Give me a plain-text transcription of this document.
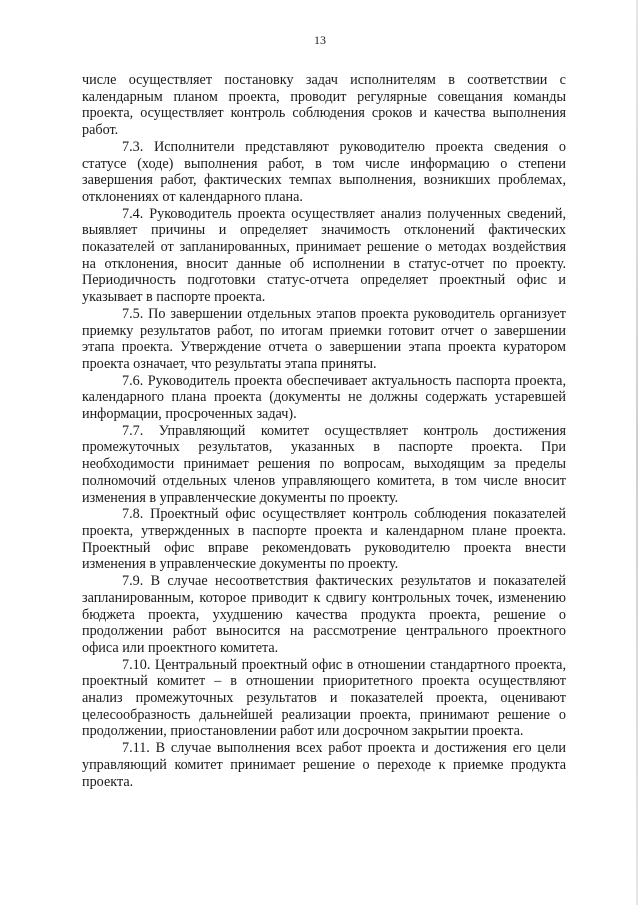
13

числе осуществляет постановку задач исполнителям в соответствии с календарным планом проекта, проводит регулярные совещания команды проекта, осуществляет контроль соблюдения сроков и качества выполнения работ.

7.3. Исполнители представляют руководителю проекта сведения о статусе (ходе) выполнения работ, в том числе информацию о степени завершения работ, фактических темпах выполнения, возникших проблемах, отклонениях от календарного плана.

7.4. Руководитель проекта осуществляет анализ полученных сведений, выявляет причины и определяет значимость отклонений фактических показателей от запланированных, принимает решение о методах воздействия на отклонения, вносит данные об исполнении в статус-отчет по проекту. Периодичность подготовки статус-отчета определяет проектный офис и указывает в паспорте проекта.

7.5. По завершении отдельных этапов проекта руководитель организует приемку результатов работ, по итогам приемки готовит отчет о завершении этапа проекта. Утверждение отчета о завершении этапа проекта куратором проекта означает, что результаты этапа приняты.

7.6. Руководитель проекта обеспечивает актуальность паспорта проекта, календарного плана проекта (документы не должны содержать устаревшей информации, просроченных задач).

7.7. Управляющий комитет осуществляет контроль достижения промежуточных результатов, указанных в паспорте проекта. При необходимости принимает решения по вопросам, выходящим за пределы полномочий отдельных членов управляющего комитета, в том числе вносит изменения в управленческие документы по проекту.

7.8. Проектный офис осуществляет контроль соблюдения показателей проекта, утвержденных в паспорте проекта и календарном плане проекта. Проектный офис вправе рекомендовать руководителю проекта внести изменения в управленческие документы по проекту.

7.9. В случае несоответствия фактических результатов и показателей запланированным, которое приводит к сдвигу контрольных точек, изменению бюджета проекта, ухудшению качества продукта проекта, решение о продолжении работ выносится на рассмотрение центрального проектного офиса или проектного комитета.

7.10. Центральный проектный офис в отношении стандартного проекта, проектный комитет – в отношении приоритетного проекта осуществляют анализ промежуточных результатов и показателей проекта, оценивают целесообразность дальнейшей реализации проекта, принимают решение о продолжении, приостановлении работ или досрочном закрытии проекта.

7.11. В случае выполнения всех работ проекта и достижения его цели управляющий комитет принимает решение о переходе к приемке продукта проекта.
